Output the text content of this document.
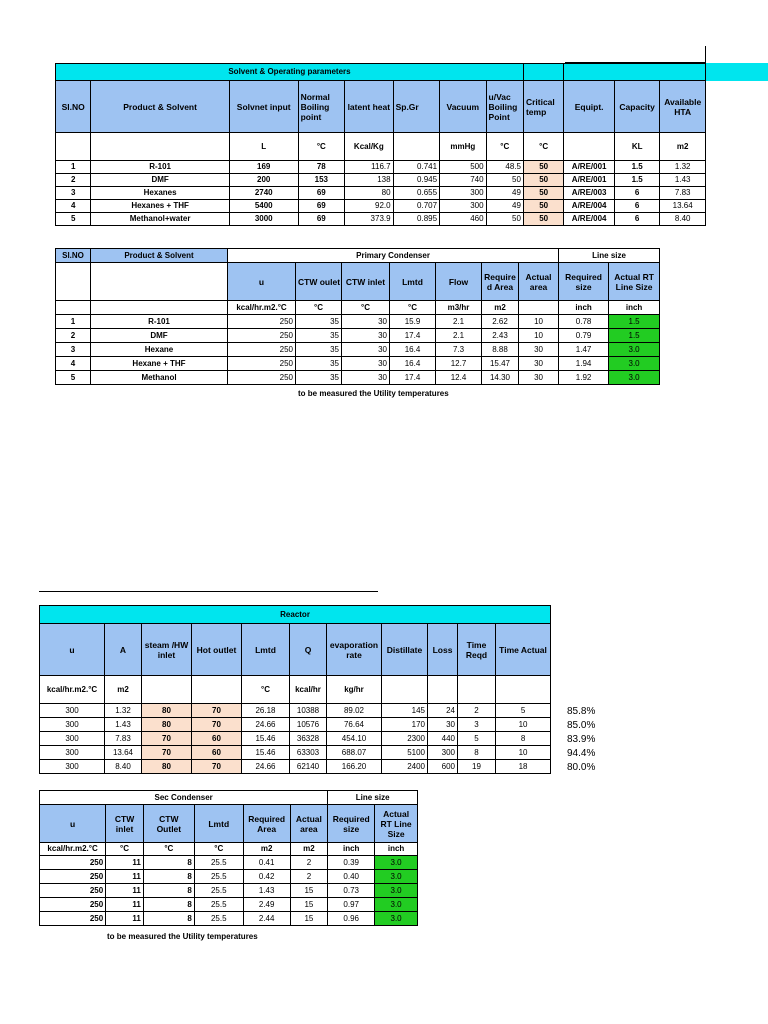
Solvent & Operating parameters											
Sl.NO	Product & Solvent	Solvnet input	Normal Boiling point	latent heat	Sp.Gr	Vacuum	u/Vac Boiling Point	Critical temp	Equipt.	Capacity	Available HTA
		L	°C	Kcal/Kg		mmHg	°C	°C		KL	m2
1	R-101	169	78	116.7	0.741	500	48.5	50	A/RE/001	1.5	1.32
2	DMF	200	153	138	0.945	740	50	50	A/RE/001	1.5	1.43
3	Hexanes	2740	69	80	0.655	300	49	50	A/RE/003	6	7.83
4	Hexanes + THF	5400	69	92.0	0.707	300	49	50	A/RE/004	6	13.64
5	Methanol+water	3000	69	373.9	0.895	460	50	50	A/RE/004	6	8.40
Sl.NO	Product & Solvent	Primary Condenser							Line size	
		u	CTW oulet	CTW inlet	Lmtd	Flow	Require d Area	Actual area	Required size	Actual RT Line Size
		kcal/hr.m2.°C	°C	°C	°C	m3/hr	m2		inch	inch
1	R-101	250	35	30	15.9	2.1	2.62	10	0.78	1.5
2	DMF	250	35	30	17.4	2.1	2.43	10	0.79	1.5
3	Hexane	250	35	30	16.4	7.3	8.88	30	1.47	3.0
4	Hexane + THF	250	35	30	16.4	12.7	15.47	30	1.94	3.0
5	Methanol	250	35	30	17.4	12.4	14.30	30	1.92	3.0
to be measured the Utility temperatures
Reactor										
u	A	steam /HW inlet	Hot outlet	Lmtd	Q	evaporation rate	Distillate	Loss	Time Reqd	Time Actual
kcal/hr.m2.°C	m2			°C	kcal/hr	kg/hr				
300	1.32	80	70	26.18	10388	89.02	145	24	2	5
300	1.43	80	70	24.66	10576	76.64	170	30	3	10
300	7.83	70	60	15.46	36328	454.10	2300	440	5	8
300	13.64	70	60	15.46	63303	688.07	5100	300	8	10
300	8.40	80	70	24.66	62140	166.20	2400	600	19	18
85.8%
85.0%
83.9%
94.4%
80.0%
Sec Condenser						Line size	
u	CTW inlet	CTW Outlet	Lmtd	Required Area	Actual area	Required size	Actual RT Line Size
kcal/hr.m2.°C	°C	°C	°C	m2	m2	inch	inch
250	11	8	25.5	0.41	2	0.39	3.0
250	11	8	25.5	0.42	2	0.40	3.0
250	11	8	25.5	1.43	15	0.73	3.0
250	11	8	25.5	2.49	15	0.97	3.0
250	11	8	25.5	2.44	15	0.96	3.0
to be measured the Utility temperatures
